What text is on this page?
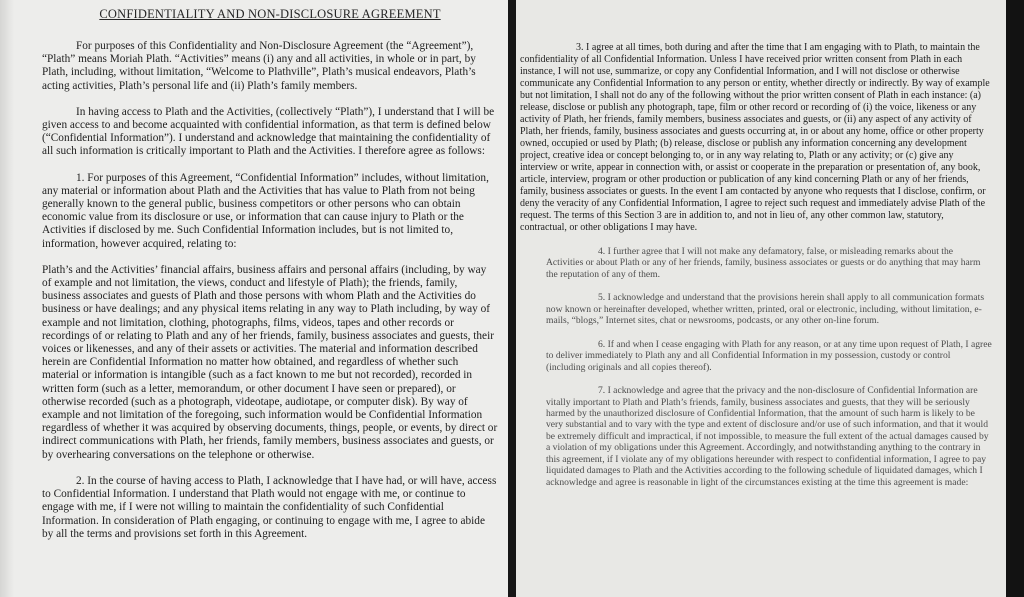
CONFIDENTIALITY AND NON-DISCLOSURE AGREEMENT

For purposes of this Confidentiality and Non-Disclosure Agreement (the “Agreement”), “Plath” means Moriah Plath. “Activities” means (i) any and all activities, in whole or in part, by Plath, including, without limitation, “Welcome to Plathville”, Plath’s musical endeavors, Plath’s acting activities, Plath’s personal life and (ii) Plath’s family members.

In having access to Plath and the Activities, (collectively “Plath”), I understand that I will be given access to and become acquainted with confidential information, as that term is defined below (“Confidential Information”). I understand and acknowledge that maintaining the confidentiality of all such information is critically important to Plath and the Activities. I therefore agree as follows:

1. For purposes of this Agreement, “Confidential Information” includes, without limitation, any material or information about Plath and the Activities that has value to Plath from not being generally known to the general public, business competitors or other persons who can obtain economic value from its disclosure or use, or information that can cause injury to Plath or the Activities if disclosed by me. Such Confidential Information includes, but is not limited to, information, however acquired, relating to:

Plath’s and the Activities’ financial affairs, business affairs and personal affairs (including, by way of example and not limitation, the views, conduct and lifestyle of Plath); the friends, family, business associates and guests of Plath and those persons with whom Plath and the Activities do business or have dealings; and any physical items relating in any way to Plath including, by way of example and not limitation, clothing, photographs, films, videos, tapes and other records or recordings of or relating to Plath and any of her friends, family, business associates and guests, their voices or likenesses, and any of their assets or activities. The material and information described herein are Confidential Information no matter how obtained, and regardless of whether such material or information is intangible (such as a fact known to me but not recorded), recorded in written form (such as a letter, memorandum, or other document I have seen or prepared), or otherwise recorded (such as a photograph, videotape, audiotape, or computer disk). By way of example and not limitation of the foregoing, such information would be Confidential Information regardless of whether it was acquired by observing documents, things, people, or events, by direct or indirect communications with Plath, her friends, family members, business associates and guests, or by overhearing conversations on the telephone or otherwise.

2. In the course of having access to Plath, I acknowledge that I have had, or will have, access to Confidential Information. I understand that Plath would not engage with me, or continue to engage with me, if I were not willing to maintain the confidentiality of such Confidential Information. In consideration of Plath engaging, or continuing to engage with me, I agree to abide by all the terms and provisions set forth in this Agreement.

3. I agree at all times, both during and after the time that I am engaging with to Plath, to maintain the confidentiality of all Confidential Information. Unless I have received prior written consent from Plath in each instance, I will not use, summarize, or copy any Confidential Information, and I will not disclose or otherwise communicate any Confidential Information to any person or entity, whether directly or indirectly. By way of example but not limitation, I shall not do any of the following without the prior written consent of Plath in each instance: (a) release, disclose or publish any photograph, tape, film or other record or recording of (i) the voice, likeness or any activity of Plath, her friends, family members, business associates and guests, or (ii) any aspect of any activity of Plath, her friends, family, business associates and guests occurring at, in or about any home, office or other property owned, occupied or used by Plath; (b) release, disclose or publish any information concerning any development project, creative idea or concept belonging to, or in any way relating to, Plath or any activity; or (c) give any interview or write, appear in connection with, or assist or cooperate in the preparation or presentation of, any book, article, interview, program or other production or publication of any kind concerning Plath or any of her friends, family, business associates or guests. In the event I am contacted by anyone who requests that I disclose, confirm, or deny the veracity of any Confidential Information, I agree to reject such request and immediately advise Plath of the request. The terms of this Section 3 are in addition to, and not in lieu of, any other common law, statutory, contractual, or other obligations I may have.

4. I further agree that I will not make any defamatory, false, or misleading remarks about the Activities or about Plath or any of her friends, family, business associates or guests or do anything that may harm the reputation of any of them.

5. I acknowledge and understand that the provisions herein shall apply to all communication formats now known or hereinafter developed, whether written, printed, oral or electronic, including, without limitation, e-mails, “blogs,” Internet sites, chat or newsrooms, podcasts, or any other on-line forum.

6. If and when I cease engaging with Plath for any reason, or at any time upon request of Plath, I agree to deliver immediately to Plath any and all Confidential Information in my possession, custody or control (including originals and all copies thereof).

7. I acknowledge and agree that the privacy and the non-disclosure of Confidential Information are vitally important to Plath and Plath’s friends, family, business associates and guests, that they will be seriously harmed by the unauthorized disclosure of Confidential Information, that the amount of such harm is likely to be very substantial and to vary with the type and extent of disclosure and/or use of such information, and that it would be extremely difficult and impractical, if not impossible, to measure the full extent of the actual damages caused by a violation of my obligations under this Agreement. Accordingly, and notwithstanding anything to the contrary in this agreement, if I violate any of my obligations hereunder with respect to confidential information, I agree to pay liquidated damages to Plath and the Activities according to the following schedule of liquidated damages, which I acknowledge and agree is reasonable in light of the circumstances existing at the time this agreement is made:
